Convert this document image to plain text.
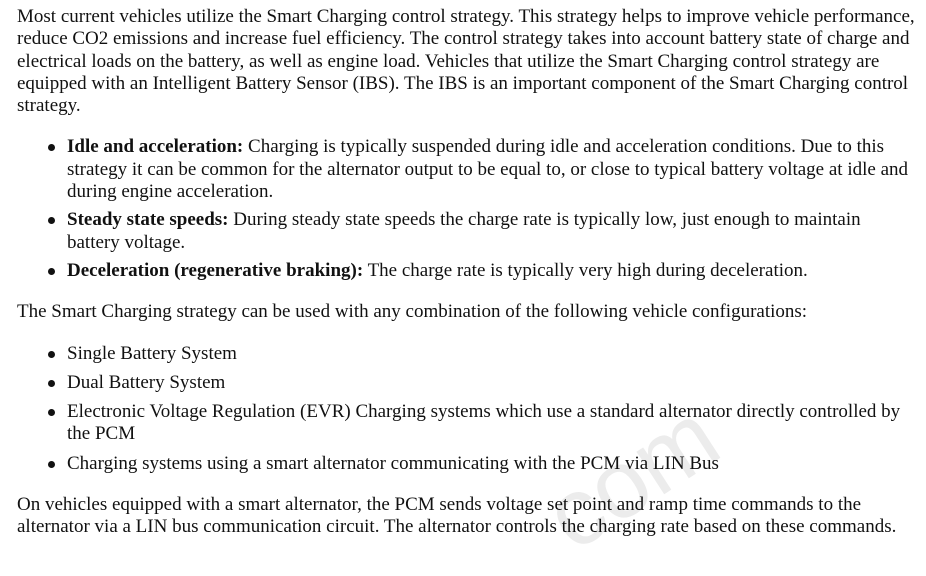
com

Most current vehicles utilize the Smart Charging control strategy. This strategy helps to improve vehicle performance, reduce CO2 emissions and increase fuel efficiency. The control strategy takes into account battery state of charge and electrical loads on the battery, as well as engine load. Vehicles that utilize the Smart Charging control strategy are equipped with an Intelligent Battery Sensor (IBS). The IBS is an important component of the Smart Charging control strategy.

Idle and acceleration: Charging is typically suspended during idle and acceleration conditions. Due to this strategy it can be common for the alternator output to be equal to, or close to typical battery voltage at idle and during engine acceleration.
Steady state speeds: During steady state speeds the charge rate is typically low, just enough to maintain battery voltage.
Deceleration (regenerative braking): The charge rate is typically very high during deceleration.

The Smart Charging strategy can be used with any combination of the following vehicle configurations:

Single Battery System
Dual Battery System
Electronic Voltage Regulation (EVR) Charging systems which use a standard alternator directly controlled by the PCM
Charging systems using a smart alternator communicating with the PCM via LIN Bus

On vehicles equipped with a smart alternator, the PCM sends voltage set point and ramp time commands to the alternator via a LIN bus communication circuit. The alternator controls the charging rate based on these commands.
